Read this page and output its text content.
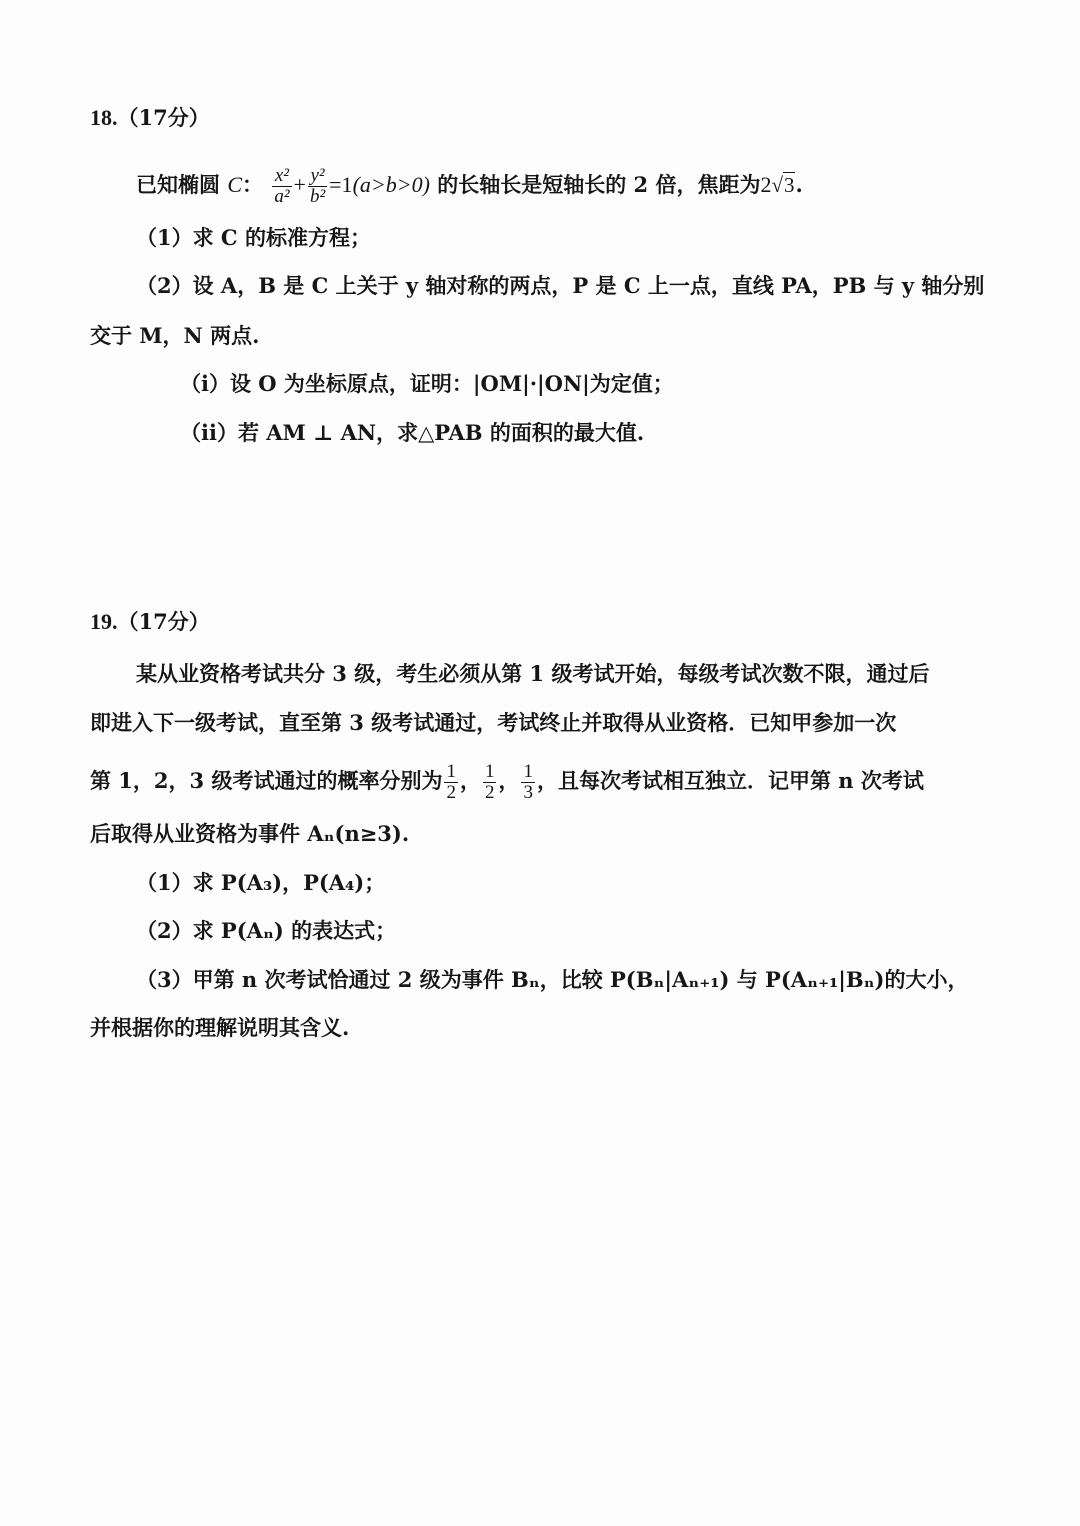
18.（17分）
已知椭圆 C： $\frac{\text{x²}}{\text{a²}} + \frac{\text{y²}}{\text{b²}} =1(a>b>0)$ 的长轴长是短轴长的 2 倍，焦距为2√3.
（1）求 C 的标准方程；
（2）设 A，B 是 C 上关于 y 轴对称的两点，P 是 C 上一点，直线 PA，PB 与 y 轴分别
交于 M，N 两点.
（ⅰ）设 O 为坐标原点，证明：|OM|·|ON|为定值；
（ⅱ）若 AM ⊥ AN，求△PAB 的面积的最大值.
19.（17分）
某从业资格考试共分 3 级，考生必须从第 1 级考试开始，每级考试次数不限，通过后
即进入下一级考试，直至第 3 级考试通过，考试终止并取得从业资格．已知甲参加一次
第 1，2，3 级考试通过的概率分别为 $\frac{1}{2}$ ， $\frac{1}{2}$ ， $\frac{1}{3}$ ，且每次考试相互独立．记甲第 n 次考试
后取得从业资格为事件 Aₙ(n≥3).
（1）求 P(A₃)，P(A₄)；
（2）求 P(Aₙ) 的表达式；
（3）甲第 n 次考试恰通过 2 级为事件 Bₙ，比较 P(Bₙ|Aₙ₊₁) 与 P(Aₙ₊₁|Bₙ)的大小，
并根据你的理解说明其含义.
